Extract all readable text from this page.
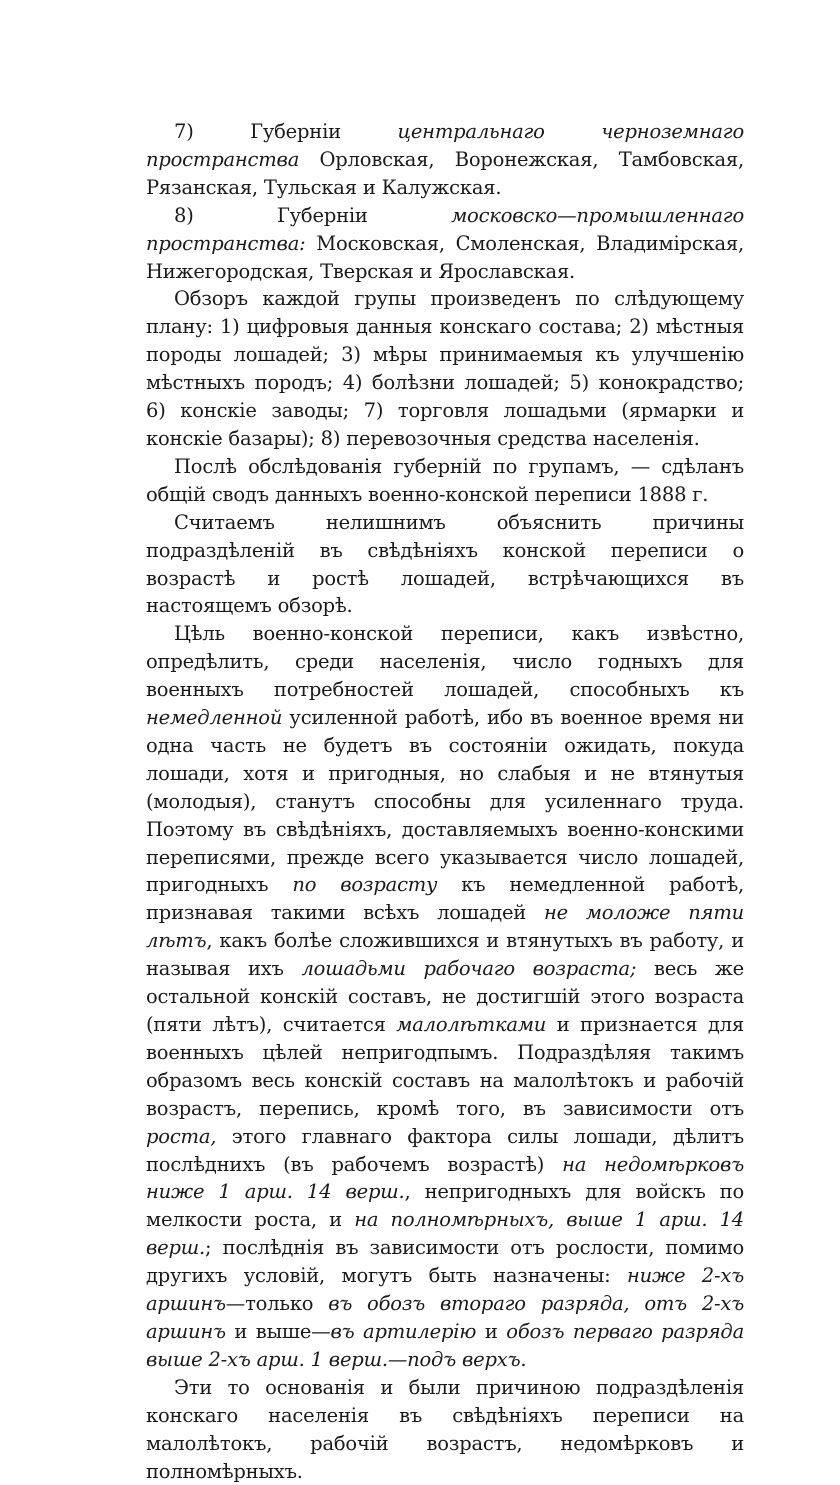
7) Губерніи центральнаго черноземнаго пространства Орловская, Воронежская, Тамбовская, Рязанская, Тульская и Калужская.

8) Губерніи московско—промышленнаго пространства: Московская, Смоленская, Владимірская, Нижегородская, Тверская и Ярославская.

Обзоръ каждой групы произведенъ по слѣдующему плану: 1) цифровыя данныя конскаго состава; 2) мѣстныя породы лошадей; 3) мѣры принимаемыя къ улучшенію мѣстныхъ породъ; 4) болѣзни лошадей; 5) конокрадство; 6) конскіе заводы; 7) торговля лошадьми (ярмарки и конскіе базары); 8) перевозочныя средства населенія.

Послѣ обслѣдованія губерній по групамъ, — сдѣланъ общій сводъ данныхъ военно-конской переписи 1888 г.

Считаемъ нелишнимъ объяснить причины подраздѣленій въ свѣдѣніяхъ конской переписи о возрастѣ и ростѣ лошадей, встрѣчающихся въ настоящемъ обзорѣ.

Цѣль военно-конской переписи, какъ извѣстно, опредѣлить, среди населенія, число годныхъ для военныхъ потребностей лошадей, способныхъ къ немедленной усиленной работѣ, ибо въ военное время ни одна часть не будетъ въ состояніи ожидать, покуда лошади, хотя и пригодныя, но слабыя и не втянутыя (молодыя), станутъ способны для усиленнаго труда. Поэтому въ свѣдѣніяхъ, доставляемыхъ военно-конскими переписями, прежде всего указывается число лошадей, пригодныхъ по возрасту къ немедленной работѣ, признавая такими всѣхъ лошадей не моложе пяти лѣтъ, какъ болѣе сложившихся и втянутыхъ въ работу, и называя ихъ лошадьми рабочаго возраста; весь же остальной конскій составъ, не достигшій этого возраста (пяти лѣтъ), считается малолѣтками и признается для военныхъ цѣлей непригодпымъ. Подраздѣляя такимъ образомъ весь конскій составъ на малолѣтокъ и рабочій возрастъ, перепись, кромѣ того, въ зависимости отъ роста, этого главнаго фактора силы лошади, дѣлитъ послѣднихъ (въ рабочемъ возрастѣ) на недомѣрковъ ниже 1 арш. 14 верш., непригодныхъ для войскъ по мелкости роста, и на полномѣрныхъ, выше 1 арш. 14 верш.; послѣднія въ зависимости отъ рослости, помимо другихъ условій, могутъ быть назначены: ниже 2-хъ аршинъ—только въ обозъ втораго разряда, отъ 2-хъ аршинъ и выше—въ артилерію и обозъ перваго разряда выше 2-хъ арш. 1 верш.—подъ верхъ.

Эти то основанія и были причиною подраздѣленія конскаго населенія въ свѣдѣніяхъ переписи на малолѣтокъ, рабочій возрастъ, недомѣрковъ и полномѣрныхъ.
